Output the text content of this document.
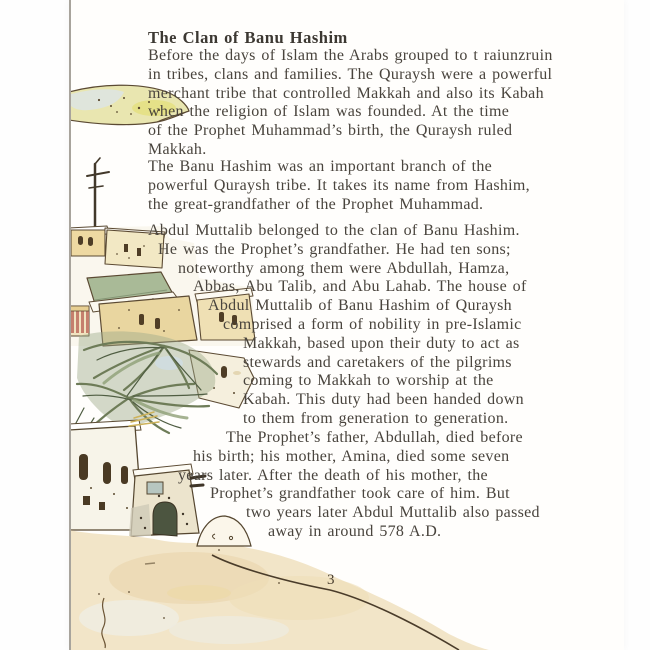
The Clan of Banu Hashim
Before the days of Islam the Arabs grouped to t raiunzruin
in tribes, clans and families. The Quraysh were a powerful
merchant tribe that controlled Makkah and also its Kabah
when the religion of Islam was founded. At the time
of the Prophet Muhammad’s birth, the Quraysh ruled
Makkah.
The Banu Hashim was an important branch of the
powerful Quraysh tribe. It takes its name from Hashim,
the great-grandfather of the Prophet Muhammad.
Abdul Muttalib belonged to the clan of Banu Hashim.
He was the Prophet’s grandfather. He had ten sons;
noteworthy among them were Abdullah, Hamza,
Abbas, Abu Talib, and Abu Lahab. The house of
Abdul Muttalib of Banu Hashim of Quraysh
comprised a form of nobility in pre-Islamic
Makkah, based upon their duty to act as
stewards and caretakers of the pilgrims
coming to Makkah to worship at the
Kabah. This duty had been handed down
to them from generation to generation.
The Prophet’s father, Abdullah, died before
his birth; his mother, Amina, died some seven
years later. After the death of his mother, the
Prophet’s grandfather took care of him. But
two years later Abdul Muttalib also passed
away in around 578 A.D.
3
